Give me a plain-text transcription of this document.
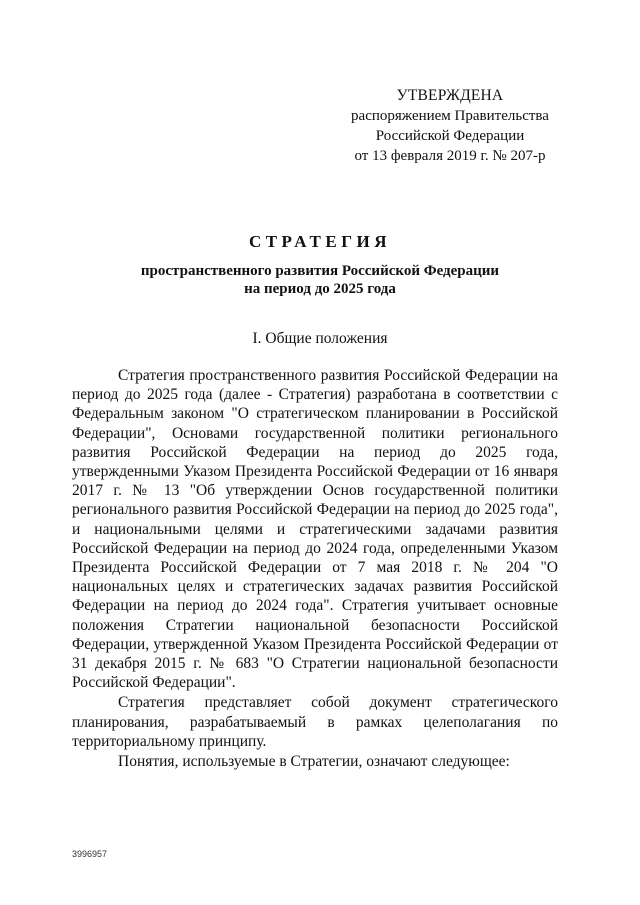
УТВЕРЖДЕНА
распоряжением Правительства
Российской Федерации
от 13 февраля 2019 г. № 207-р
СТРАТЕГИЯ
пространственного развития Российской Федерации
на период до 2025 года
I. Общие положения

Стратегия пространственного развития Российской Федерации на период до 2025 года (далее - Стратегия) разработана в соответствии с Федеральным законом "О стратегическом планировании в Российской Федерации", Основами государственной политики регионального развития Российской Федерации на период до 2025 года, утвержденными Указом Президента Российской Федерации от 16 января 2017 г. № 13 "Об утверждении Основ государственной политики регионального развития Российской Федерации на период до 2025 года", и национальными целями и стратегическими задачами развития Российской Федерации на период до 2024 года, определенными Указом Президента Российской Федерации от 7 мая 2018 г. № 204 "О национальных целях и стратегических задачах развития Российской Федерации на период до 2024 года". Стратегия учитывает основные положения Стратегии национальной безопасности Российской Федерации, утвержденной Указом Президента Российской Федерации от 31 декабря 2015 г. № 683 "О Стратегии национальной безопасности Российской Федерации".

Стратегия представляет собой документ стратегического планирования, разрабатываемый в рамках целеполагания по территориальному принципу.

Понятия, используемые в Стратегии, означают следующее:

3996957
